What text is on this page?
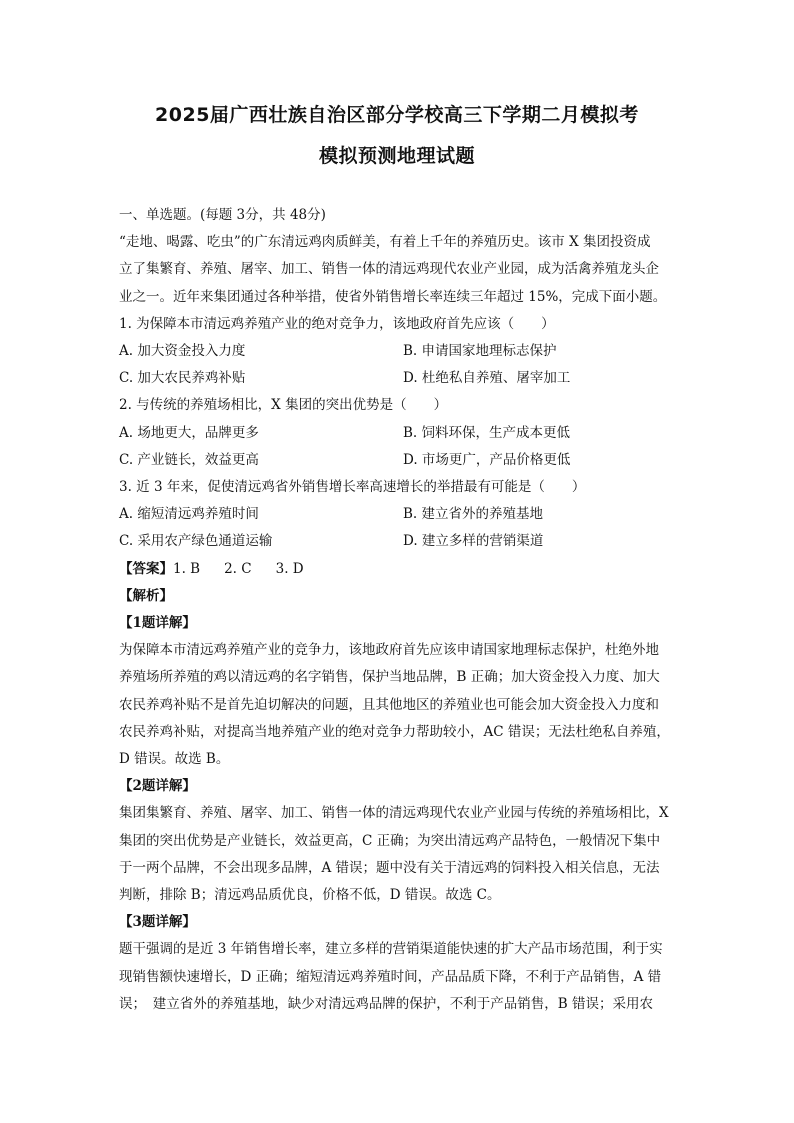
2025届广西壮族自治区部分学校高三下学期二月模拟考
模拟预测地理试题

一、单选题。(每题 3分，共 48分)

“走地、喝露、吃虫”的广东清远鸡肉质鲜美，有着上千年的养殖历史。该市 X 集团投资成

立了集繁育、养殖、屠宰、加工、销售一体的清远鸡现代农业产业园，成为活禽养殖龙头企

业之一。近年来集团通过各种举措，使省外销售增长率连续三年超过 15%，完成下面小题。

1. 为保障本市清远鸡养殖产业的绝对竞争力，该地政府首先应该（　　）

A. 加大资金投入力度	B. 申请国家地理标志保护
C. 加大农民养鸡补贴	D. 杜绝私自养殖、屠宰加工

2. 与传统的养殖场相比，X 集团的突出优势是（　　）

A. 场地更大，品牌更多	B. 饲料环保，生产成本更低
C. 产业链长，效益更高	D. 市场更广，产品价格更低

3. 近 3 年来，促使清远鸡省外销售增长率高速增长的举措最有可能是（　　）

A. 缩短清远鸡养殖时间	B. 建立省外的养殖基地
C. 采用农产绿色通道运输	D. 建立多样的营销渠道

【答案】1. B 2. C 3. D

【解析】

【1题详解】

为保障本市清远鸡养殖产业的竞争力，该地政府首先应该申请国家地理标志保护，杜绝外地

养殖场所养殖的鸡以清远鸡的名字销售，保护当地品牌，B 正确；加大资金投入力度、加大

农民养鸡补贴不是首先迫切解决的问题，且其他地区的养殖业也可能会加大资金投入力度和

农民养鸡补贴，对提高当地养殖产业的绝对竞争力帮助较小，AC 错误；无法杜绝私自养殖，

D 错误。故选 B。

【2题详解】

集团集繁育、养殖、屠宰、加工、销售一体的清远鸡现代农业产业园与传统的养殖场相比，X

集团的突出优势是产业链长，效益更高，C 正确；为突出清远鸡产品特色，一般情况下集中

于一两个品牌，不会出现多品牌，A 错误；题中没有关于清远鸡的饲料投入相关信息，无法

判断，排除 B；清远鸡品质优良，价格不低，D 错误。故选 C。

【3题详解】

题干强调的是近 3 年销售增长率，建立多样的营销渠道能快速的扩大产品市场范围，利于实

现销售额快速增长，D 正确；缩短清远鸡养殖时间，产品品质下降，不利于产品销售，A 错

误；　建立省外的养殖基地，缺少对清远鸡品牌的保护，不利于产品销售，B 错误；采用农
